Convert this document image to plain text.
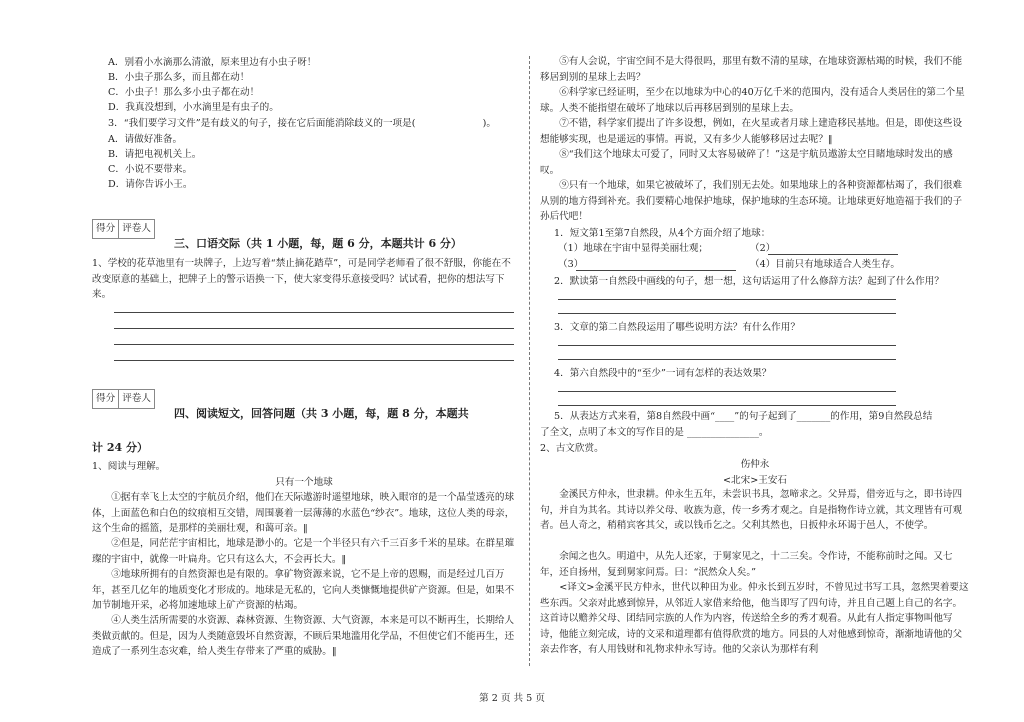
A．别看小水滴那么清澈，原来里边有小虫子呀！
B．小虫子那么多，而且都在动！
C．小虫子！那么多小虫子都在动！
D．我真没想到，小水滴里是有虫子的。
3．“我们要学习文件”是有歧义的句子，接在它后面能消除歧义的一项是(　　　　　　　)。
A．请做好准备。
B．请把电视机关上。
C．小说不要带来。
D．请你告诉小王。
得分 评卷人
三、口语交际（共 1 小题，每，题 6 分，本题共计 6 分）
1、学校的花草池里有一块牌子，上边写着“禁止摘花踏草”，可是同学老师看了很不舒服，你能在不改变原意的基础上，把牌子上的警示语换一下，使大家变得乐意接受吗？试试看，把你的想法写下来。
得分 评卷人
四、阅读短文，回答问题（共 3 小题，每，题 8 分，本题共
计 24 分）
1、阅读与理解。
只有一个地球
①据有幸飞上太空的宇航员介绍，他们在天际遨游时遥望地球，映入眼帘的是一个晶莹透亮的球体，上面蓝色和白色的纹痕相互交错，周围裹着一层薄薄的水蓝色“纱衣”。地球，这位人类的母亲，这个生命的摇篮，是那样的美丽壮观，和蔼可亲。‖
②但是，同茫茫宇宙相比，地球是渺小的。它是一个半径只有六千三百多千米的星球。在群星璀璨的宇宙中，就像一叶扁舟。它只有这么大，不会再长大。‖
③地球所拥有的自然资源也是有限的。拿矿物资源来说，它不是上帝的恩赐，而是经过几百万年，甚至几亿年的地质变化才形成的。地球是无私的，它向人类慷慨地提供矿产资源。但是，如果不加节制地开采，必将加速地球上矿产资源的枯竭。
④人类生活所需要的水资源、森林资源、生物资源、大气资源，本来是可以不断再生，长期给人类做贡献的。但是，因为人类随意毁坏自然资源，不顾后果地滥用化学品，不但使它们不能再生，还造成了一系列生态灾难，给人类生存带来了严重的威胁。‖
⑤有人会说，宇宙空间不是大得很吗，那里有数不清的星球，在地球资源枯竭的时候，我们不能移居到别的星球上去吗？
⑥科学家已经证明，至少在以地球为中心的40万亿千米的范围内，没有适合人类居住的第二个星球。人类不能指望在破坏了地球以后再移居到别的星球上去。
⑦不错，科学家们提出了许多设想，例如，在火星或者月球上建造移民基地。但是，即使这些设想能够实现，也是遥远的事情。再说，又有多少人能够移居过去呢？‖
⑧“我们这个地球太可爱了，同时又太容易破碎了！”这是宇航员遨游太空目睹地球时发出的感叹。
⑨只有一个地球，如果它被破坏了，我们别无去处。如果地球上的各种资源都枯竭了，我们很难从别的地方得到补充。我们要精心地保护地球，保护地球的生态环境。让地球更好地造福于我们的子孙后代吧！
1．短文第1至第7自然段，从4个方面介绍了地球：
（1）地球在宇宙中显得美丽壮观；	（2）
（3）	（4）目前只有地球适合人类生存。
2．默读第一自然段中画线的句子，想一想，这句话运用了什么修辞方法？起到了什么作用？
3．文章的第二自然段运用了哪些说明方法？有什么作用？
4．第六自然段中的“至少”一词有怎样的表达效果？
5．从表达方式来看，第8自然段中画“____”的句子起到了_______的作用，第9自然段总结
了全文，点明了本文的写作目的是 _______________。
2、古文欣赏。
伤仲永
<北宋>王安石
金溪民方仲永，世隶耕。仲永生五年，未尝识书具，忽啼求之。父异焉，借旁近与之，即书诗四句，并自为其名。其诗以养父母、收族为意，传一乡秀才观之。自是指物作诗立就，其文理皆有可观者。邑人奇之，稍稍宾客其父，或以钱币乞之。父利其然也，日扳仲永环谒于邑人，不使学。
余闻之也久。明道中，从先人还家，于舅家见之，十二三矣。令作诗，不能称前时之闻。又七年，还自扬州，复到舅家问焉。曰：“泯然众人矣。”
<译文>金溪平民方仲永，世代以种田为业。仲永长到五岁时，不曾见过书写工具，忽然哭着要这些东西。父亲对此感到惊异，从邻近人家借来给他，他当即写了四句诗，并且自己题上自己的名字。这首诗以赡养父母、团结同宗族的人作为内容，传送给全乡的秀才观看。从此有人指定事物叫他写诗，他能立刻完成，诗的文采和道理都有值得欣赏的地方。同县的人对他感到惊奇，渐渐地请他的父亲去作客，有人用钱财和礼物求仲永写诗。他的父亲认为那样有利
第 2 页 共 5 页
